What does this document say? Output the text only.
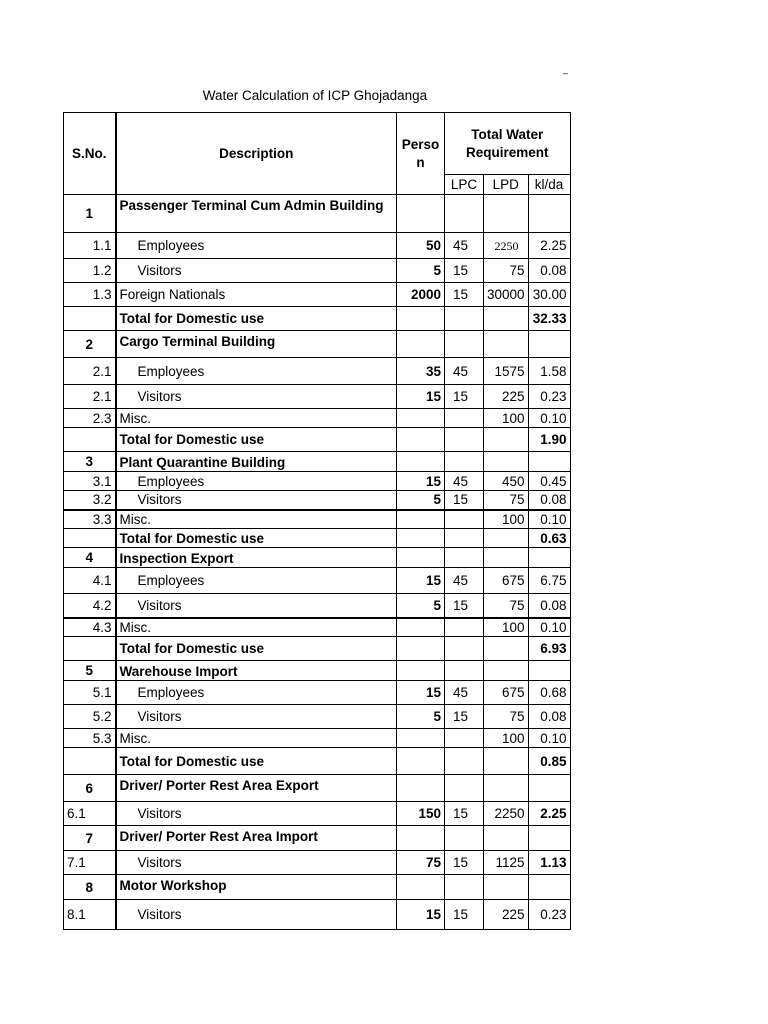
–
Water Calculation of ICP Ghojadanga
S.No.	Description	Perso n	Total Water Requirement		
			LPC	LPD	kl/da
1	Passenger Terminal Cum Admin Building				
1.1	Employees	50	45	2250	2.25
1.2	Visitors	5	15	75	0.08
1.3	Foreign Nationals	2000	15	30000	30.00
	Total for Domestic use				32.33
2	Cargo Terminal Building				
2.1	Employees	35	45	1575	1.58
2.1	Visitors	15	15	225	0.23
2.3	Misc.			100	0.10
	Total for Domestic use				1.90
3	Plant Quarantine Building				
3.1	Employees	15	45	450	0.45
3.2	Visitors	5	15	75	0.08
3.3	Misc.			100	0.10
	Total for Domestic use				0.63
4	Inspection Export				
4.1	Employees	15	45	675	6.75
4.2	Visitors	5	15	75	0.08
4.3	Misc.			100	0.10
	Total for Domestic use				6.93
5	Warehouse Import				
5.1	Employees	15	45	675	0.68
5.2	Visitors	5	15	75	0.08
5.3	Misc.			100	0.10
	Total for Domestic use				0.85
6	Driver/ Porter Rest Area Export				
6.1	Visitors	150	15	2250	2.25
7	Driver/ Porter Rest Area Import				
7.1	Visitors	75	15	1125	1.13
8	Motor Workshop				
8.1	Visitors	15	15	225	0.23
